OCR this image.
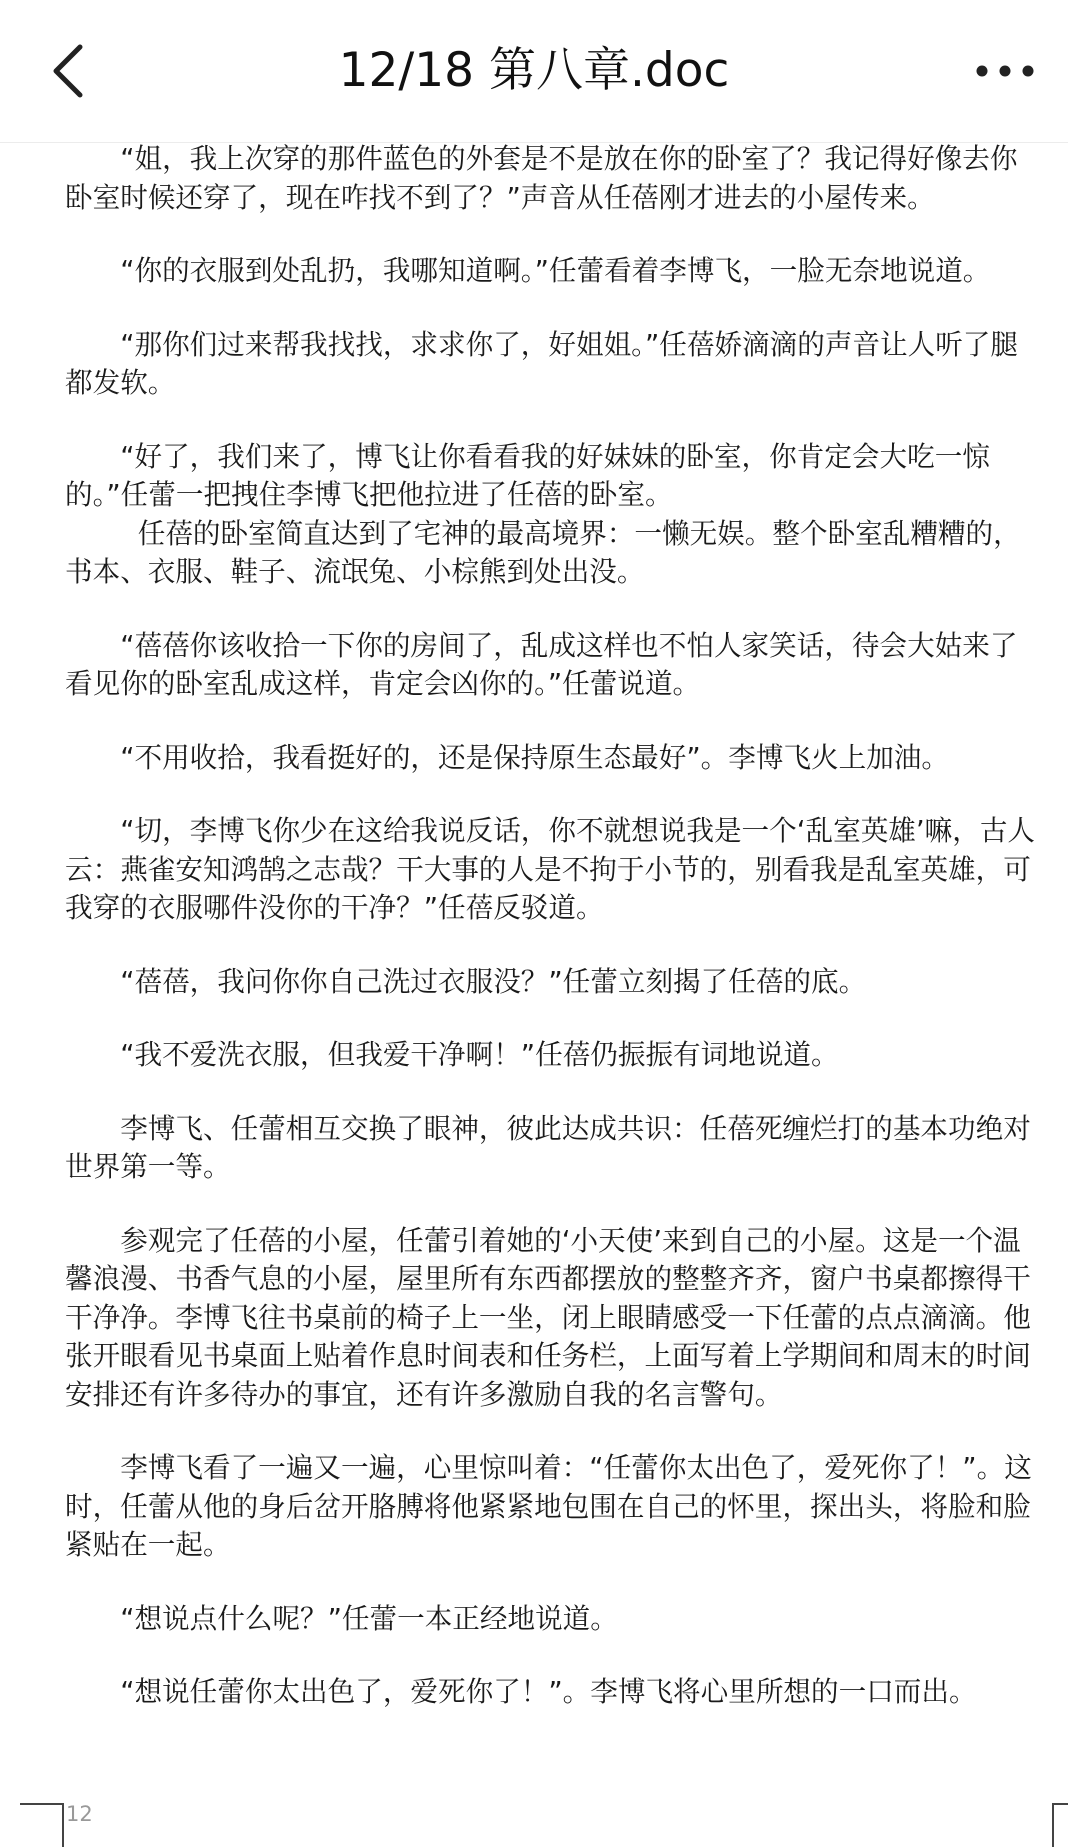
12/18 第八章.doc

“姐，我上次穿的那件蓝色的外套是不是放在你的卧室了？我记得好像去你卧室时候还穿了，现在咋找不到了？”声音从任蓓刚才进去的小屋传来。

“你的衣服到处乱扔，我哪知道啊。”任蕾看着李博飞，一脸无奈地说道。

“那你们过来帮我找找，求求你了，好姐姐。”任蓓娇滴滴的声音让人听了腿都发软。

“好了，我们来了，博飞让你看看我的好妹妹的卧室，你肯定会大吃一惊的。”任蕾一把拽住李博飞把他拉进了任蓓的卧室。

任蓓的卧室简直达到了宅神的最高境界：一懒无娱。整个卧室乱糟糟的，书本、衣服、鞋子、流氓兔、小棕熊到处出没。

“蓓蓓你该收拾一下你的房间了，乱成这样也不怕人家笑话，待会大姑来了看见你的卧室乱成这样，肯定会凶你的。”任蕾说道。

“不用收拾，我看挺好的，还是保持原生态最好”。李博飞火上加油。

“切，李博飞你少在这给我说反话，你不就想说我是一个‘乱室英雄’嘛，古人云：燕雀安知鸿鹄之志哉？干大事的人是不拘于小节的，别看我是乱室英雄，可我穿的衣服哪件没你的干净？”任蓓反驳道。

“蓓蓓，我问你你自己洗过衣服没？”任蕾立刻揭了任蓓的底。

“我不爱洗衣服，但我爱干净啊！”任蓓仍振振有词地说道。

李博飞、任蕾相互交换了眼神，彼此达成共识：任蓓死缠烂打的基本功绝对世界第一等。

参观完了任蓓的小屋，任蕾引着她的‘小天使’来到自己的小屋。这是一个温馨浪漫、书香气息的小屋，屋里所有东西都摆放的整整齐齐，窗户书桌都擦得干干净净。李博飞往书桌前的椅子上一坐，闭上眼睛感受一下任蕾的点点滴滴。他张开眼看见书桌面上贴着作息时间表和任务栏，上面写着上学期间和周末的时间安排还有许多待办的事宜，还有许多激励自我的名言警句。

李博飞看了一遍又一遍，心里惊叫着：“任蕾你太出色了，爱死你了！”。这时，任蕾从他的身后岔开胳膊将他紧紧地包围在自己的怀里，探出头，将脸和脸紧贴在一起。

“想说点什么呢？”任蕾一本正经地说道。

“想说任蕾你太出色了，爱死你了！”。李博飞将心里所想的一口而出。

12
